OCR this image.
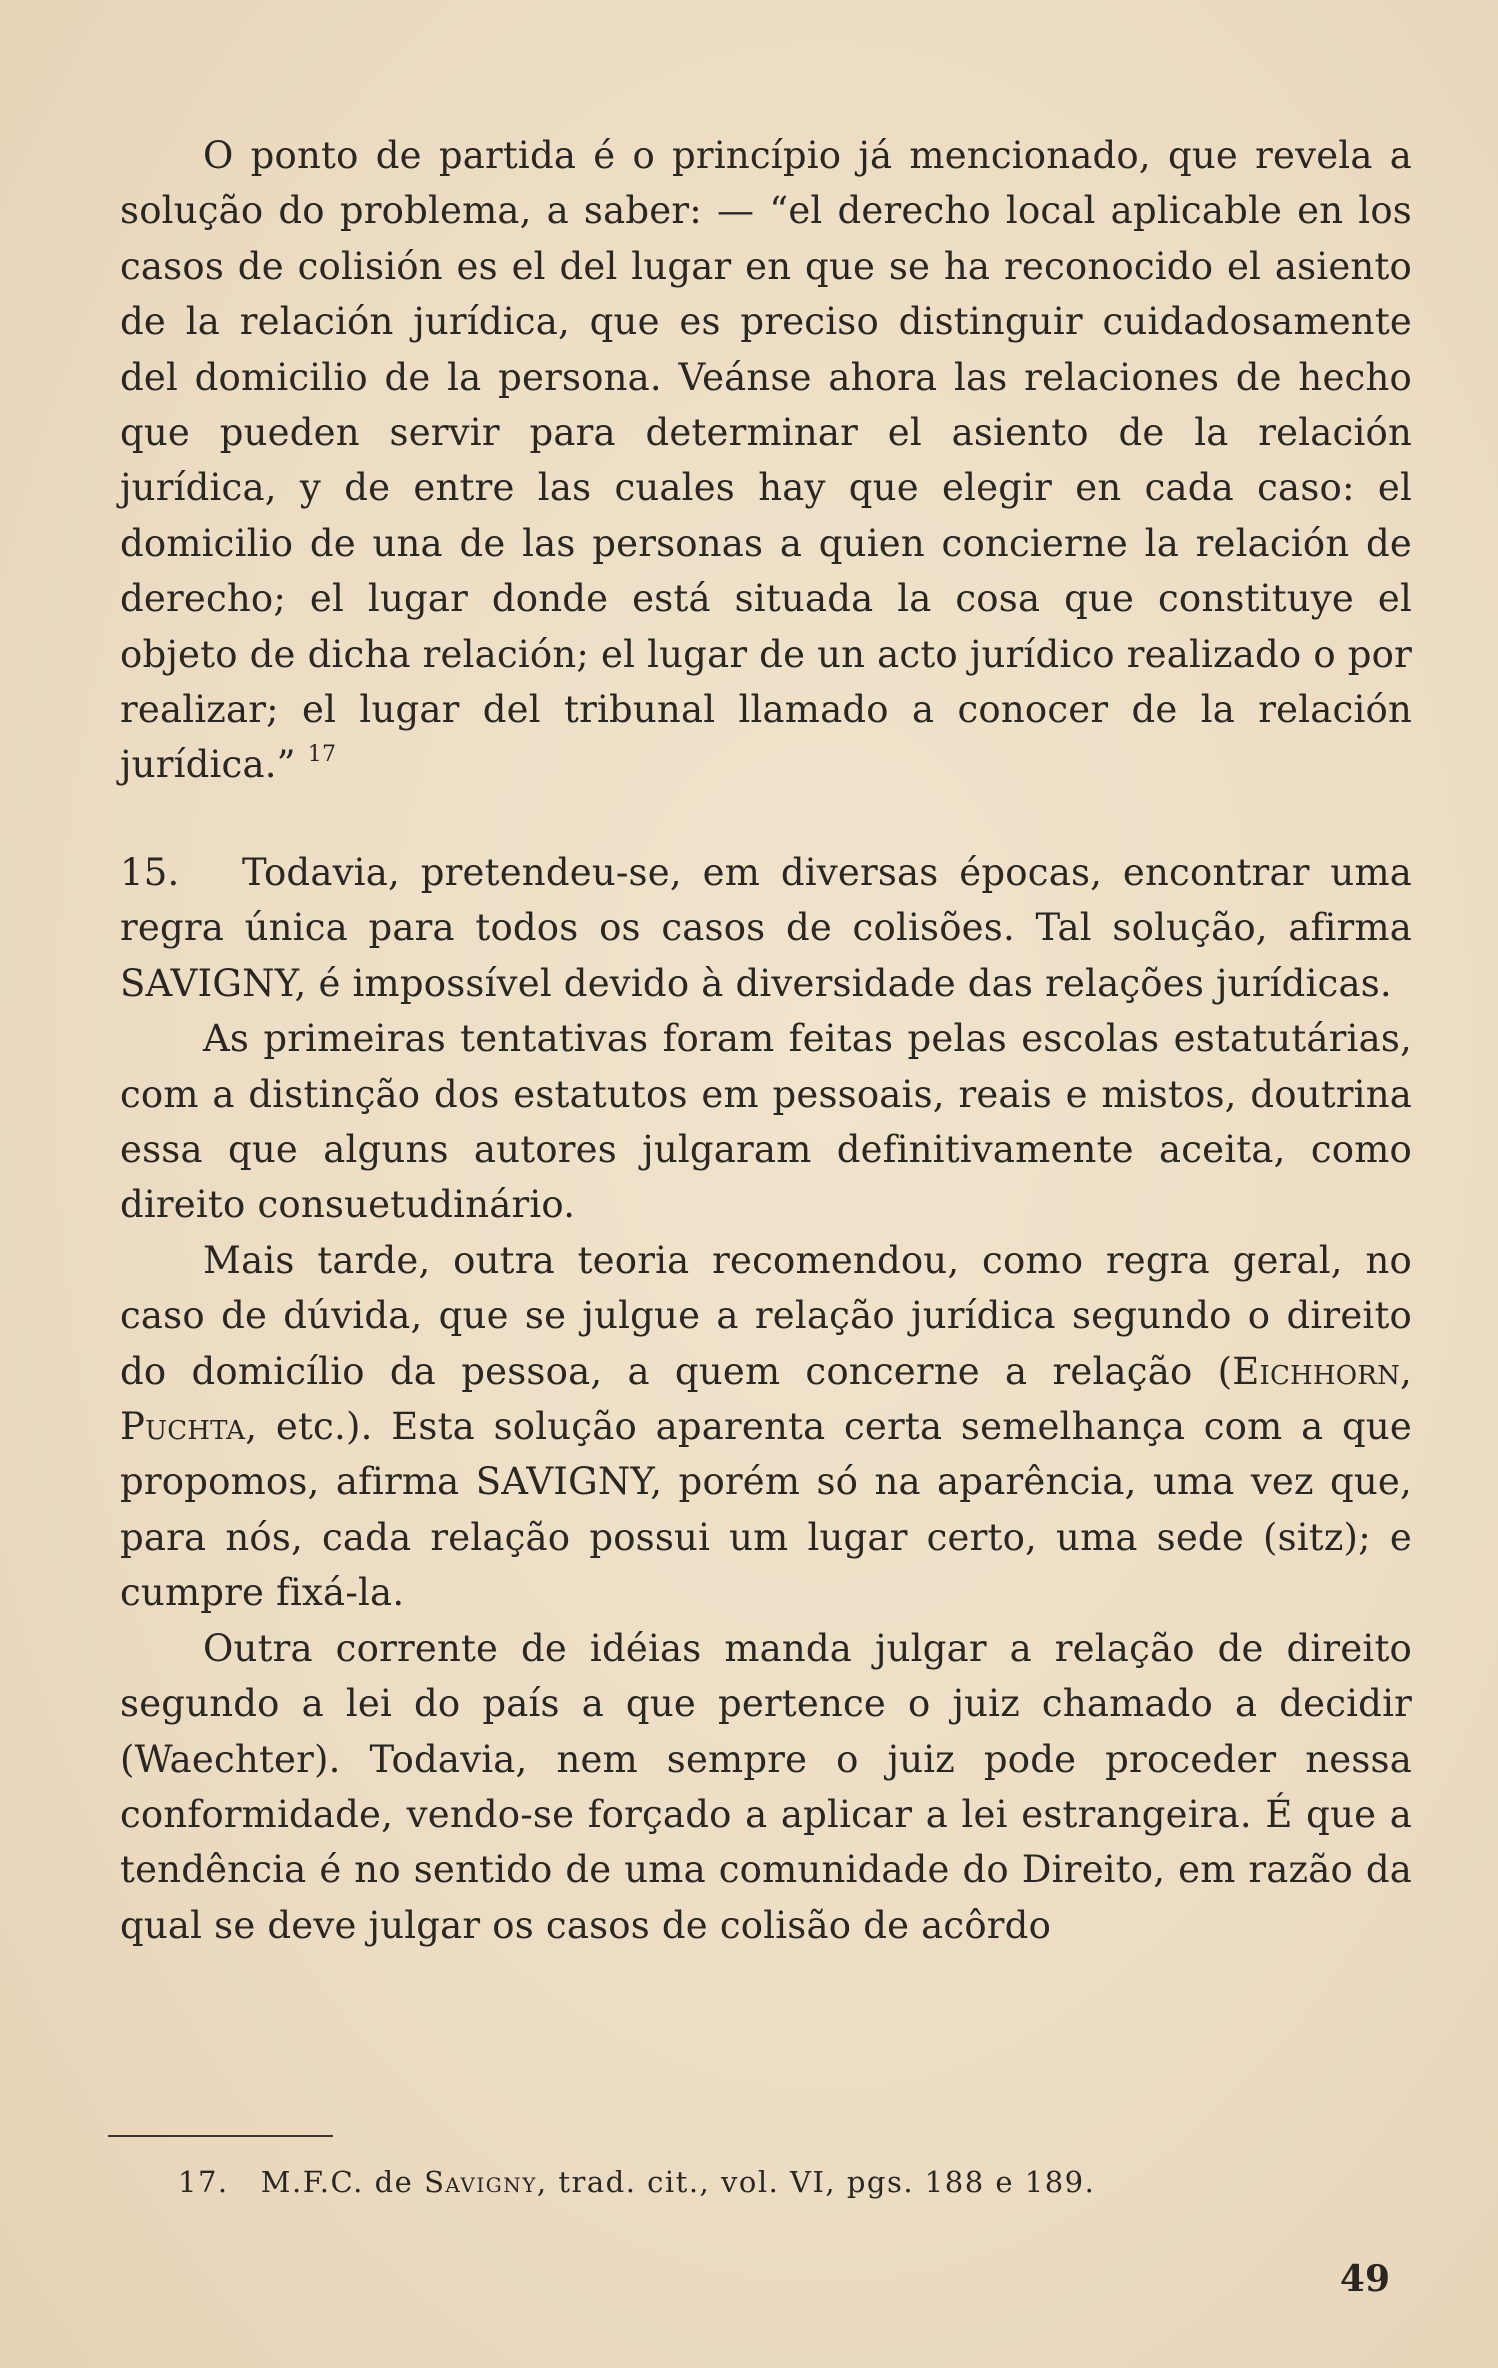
O ponto de partida é o princípio já mencionado, que revela a solução do problema, a saber: — “el derecho local aplicable en los casos de colisión es el del lugar en que se ha reconocido el asiento de la relación jurídica, que es preciso distinguir cuidadosamente del domicilio de la persona. Veánse ahora las relaciones de hecho que pueden servir para determinar el asiento de la relación jurídica, y de entre las cuales hay que elegir en cada caso: el domicilio de una de las personas a quien concierne la relación de derecho; el lugar donde está situada la cosa que constituye el objeto de dicha relación; el lugar de un acto jurídico realizado o por realizar; el lugar del tribunal llamado a conocer de la relación jurídica.” $^{17}$

15. Todavia, pretendeu-se, em diversas épocas, encontrar uma regra única para todos os casos de colisões. Tal solução, afirma SAVIGNY, é impossível devido à diversidade das relações jurídicas.

As primeiras tentativas foram feitas pelas escolas estatutárias, com a distinção dos estatutos em pessoais, reais e mistos, doutrina essa que alguns autores julgaram definitivamente aceita, como direito consuetudinário.

Mais tarde, outra teoria recomendou, como regra geral, no caso de dúvida, que se julgue a relação jurídica segundo o direito do domicílio da pessoa, a quem concerne a relação (Eichhorn, Puchta, etc.). Esta solução aparenta certa semelhança com a que propomos, afirma SAVIGNY, porém só na aparência, uma vez que, para nós, cada relação possui um lugar certo, uma sede (sitz); e cumpre fixá-la.

Outra corrente de idéias manda julgar a relação de direito segundo a lei do país a que pertence o juiz chamado a decidir (Waechter). Todavia, nem sempre o juiz pode proceder nessa conformidade, vendo-se forçado a aplicar a lei estrangeira. É que a tendência é no sentido de uma comunidade do Direito, em razão da qual se deve julgar os casos de colisão de acôrdo

17. M.F.C. de Savigny, trad. cit., vol. VI, pgs. 188 e 189.
49
